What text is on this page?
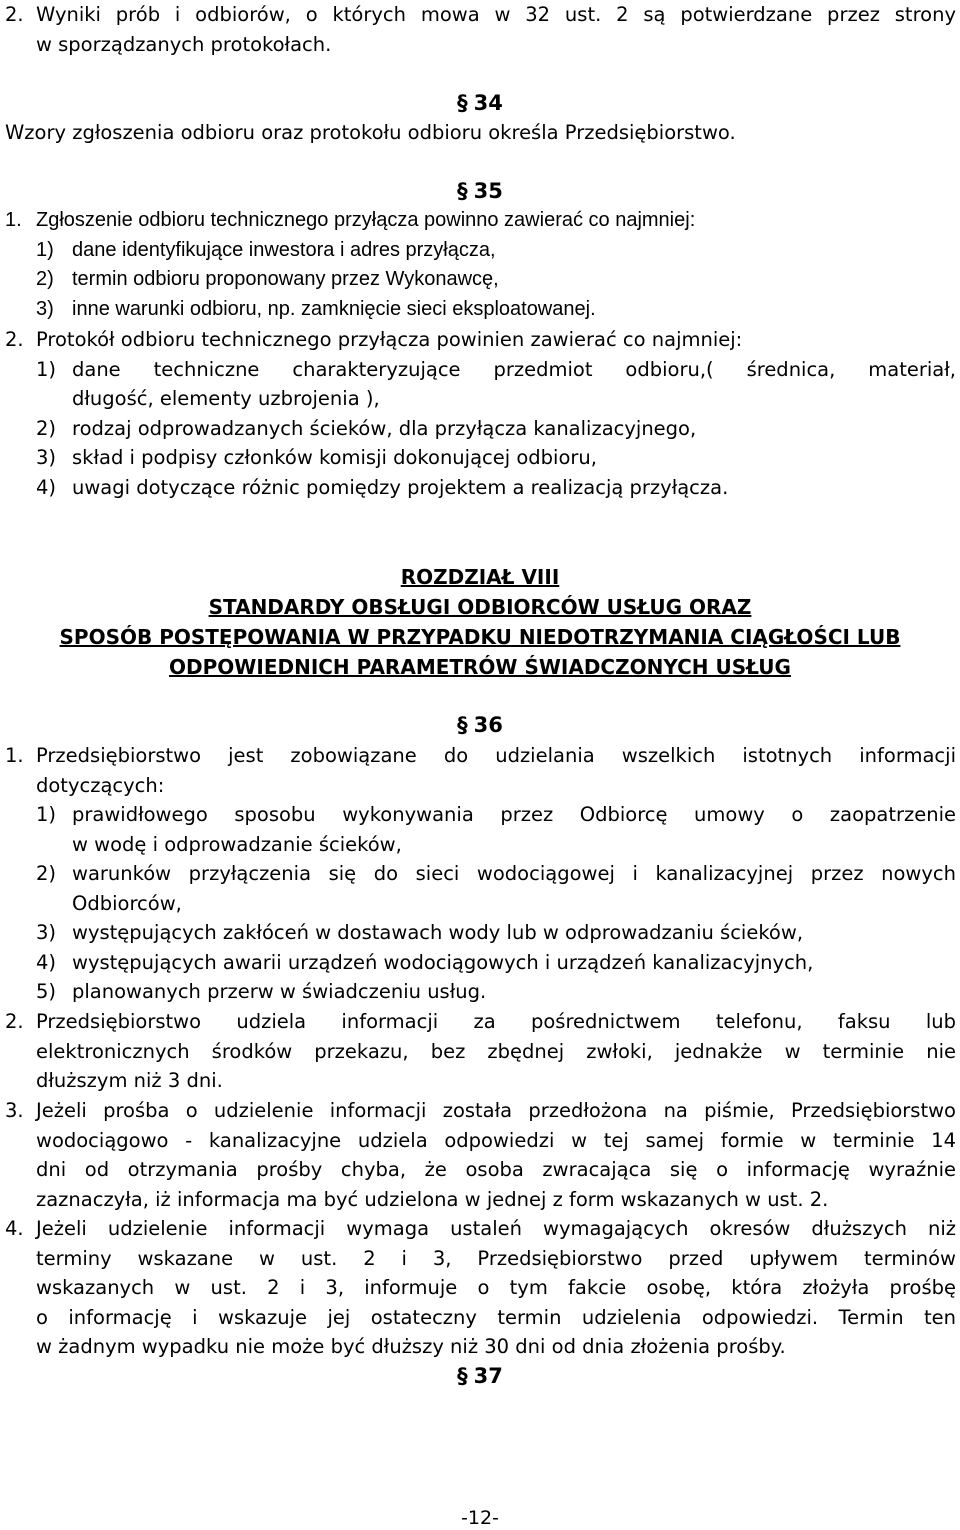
2. Wyniki prób i odbiorów, o których mowa w 32 ust. 2 są potwierdzane przez strony
w sporządzanych protokołach.
§ 34
Wzory zgłoszenia odbioru oraz protokołu odbioru określa Przedsiębiorstwo.
§ 35
1. Zgłoszenie odbioru technicznego przyłącza powinno zawierać co najmniej:
1) dane identyfikujące inwestora i adres przyłącza,
2) termin odbioru proponowany przez Wykonawcę,
3) inne warunki odbioru, np. zamknięcie sieci eksploatowanej.
2. Protokół odbioru technicznego przyłącza powinien zawierać co najmniej:
1) dane techniczne charakteryzujące przedmiot odbioru,( średnica, materiał,
długość, elementy uzbrojenia ),
2) rodzaj odprowadzanych ścieków, dla przyłącza kanalizacyjnego,
3) skład i podpisy członków komisji dokonującej odbioru,
4) uwagi dotyczące różnic pomiędzy projektem a realizacją przyłącza.
ROZDZIAŁ VIII
STANDARDY OBSŁUGI ODBIORCÓW USŁUG ORAZ
SPOSÓB POSTĘPOWANIA W PRZYPADKU NIEDOTRZYMANIA CIĄGŁOŚCI LUB
ODPOWIEDNICH PARAMETRÓW ŚWIADCZONYCH USŁUG
§ 36
1. Przedsiębiorstwo jest zobowiązane do udzielania wszelkich istotnych informacji
dotyczących:
1) prawidłowego sposobu wykonywania przez Odbiorcę umowy o zaopatrzenie
w wodę i odprowadzanie ścieków,
2) warunków przyłączenia się do sieci wodociągowej i kanalizacyjnej przez nowych
Odbiorców,
3) występujących zakłóceń w dostawach wody lub w odprowadzaniu ścieków,
4) występujących awarii urządzeń wodociągowych i urządzeń kanalizacyjnych,
5) planowanych przerw w świadczeniu usług.
2. Przedsiębiorstwo udziela informacji za pośrednictwem telefonu, faksu lub
elektronicznych środków przekazu, bez zbędnej zwłoki, jednakże w terminie nie
dłuższym niż 3 dni.
3. Jeżeli prośba o udzielenie informacji została przedłożona na piśmie, Przedsiębiorstwo
wodociągowo - kanalizacyjne udziela odpowiedzi w tej samej formie w terminie 14
dni od otrzymania prośby chyba, że osoba zwracająca się o informację wyraźnie
zaznaczyła, iż informacja ma być udzielona w jednej z form wskazanych w ust. 2.
4. Jeżeli udzielenie informacji wymaga ustaleń wymagających okresów dłuższych niż
terminy wskazane w ust. 2 i 3, Przedsiębiorstwo przed upływem terminów
wskazanych w ust. 2 i 3, informuje o tym fakcie osobę, która złożyła prośbę
o informację i wskazuje jej ostateczny termin udzielenia odpowiedzi. Termin ten
w żadnym wypadku nie może być dłuższy niż 30 dni od dnia złożenia prośby.
§ 37
-12-
